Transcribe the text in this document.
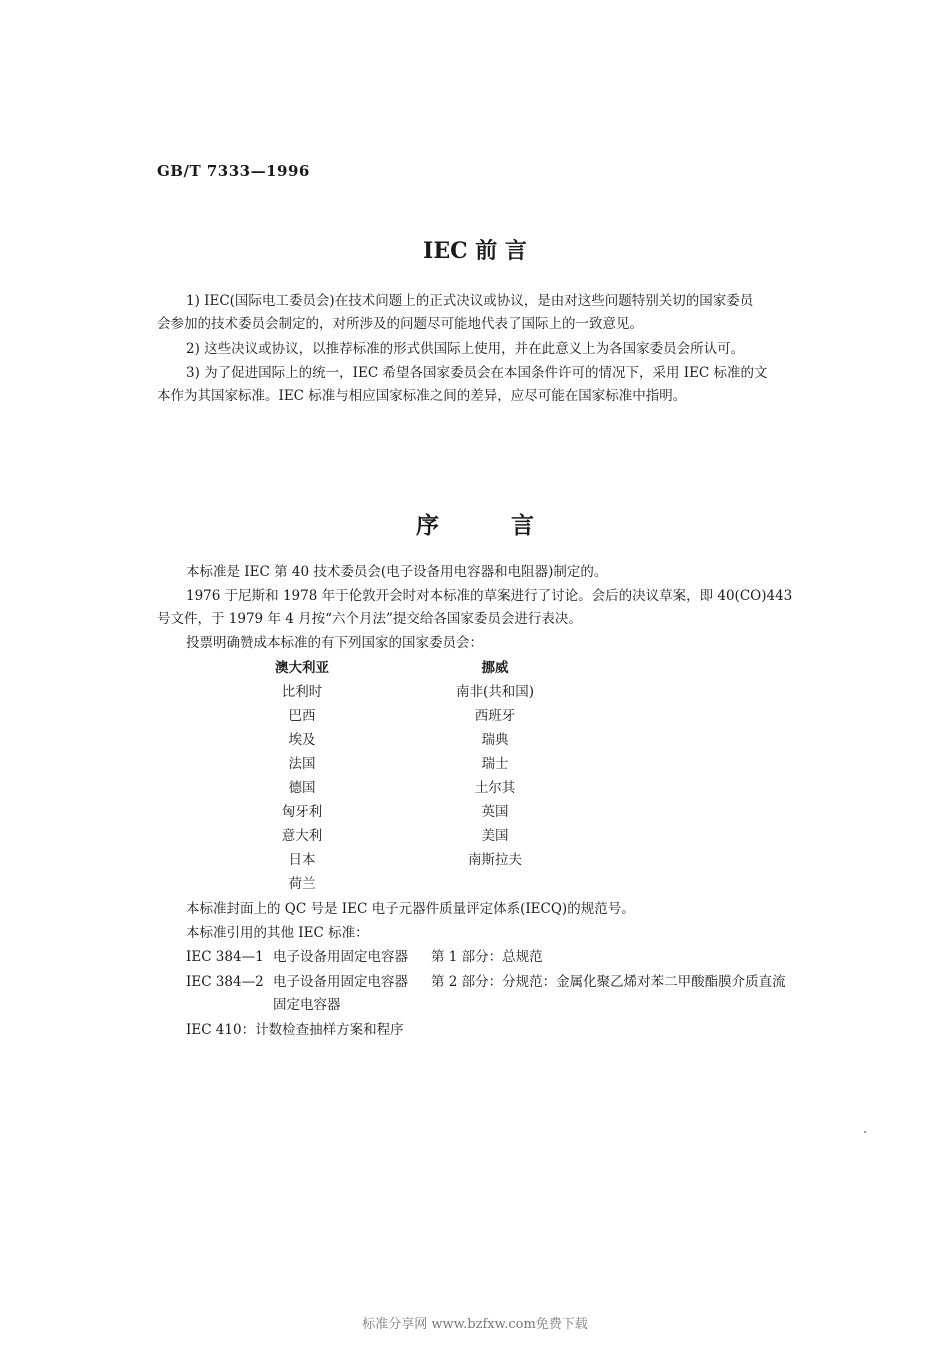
GB/T 7333—1996
IEC 前 言
1) IEC(国际电工委员会)在技术问题上的正式决议或协议，是由对这些问题特别关切的国家委员
会参加的技术委员会制定的，对所涉及的问题尽可能地代表了国际上的一致意见。
2) 这些决议或协议，以推荐标准的形式供国际上使用，并在此意义上为各国家委员会所认可。
3) 为了促进国际上的统一，IEC 希望各国家委员会在本国条件许可的情况下，采用 IEC 标准的文
本作为其国家标准。IEC 标准与相应国家标准之间的差异，应尽可能在国家标准中指明。
序	言
本标准是 IEC 第 40 技术委员会(电子设备用电容器和电阻器)制定的。
1976 于尼斯和 1978 年于伦敦开会时对本标准的草案进行了讨论。会后的决议草案，即 40(CO)443
号文件，于 1979 年 4 月按“六个月法”提交给各国家委员会进行表决。
投票明确赞成本标准的有下列国家的国家委员会：
澳大利亚
比利时
巴西
埃及
法国
德国
匈牙利
意大利
日本
荷兰
挪威
南非(共和国)
西班牙
瑞典
瑞士
土尔其
英国
美国
南斯拉夫
本标准封面上的 QC 号是 IEC 电子元器件质量评定体系(IECQ)的规范号。
本标准引用的其他 IEC 标准：
IEC 384—1 电子设备用固定电容器 第 1 部分：总规范
IEC 384—2 电子设备用固定电容器 第 2 部分：分规范：金属化聚乙烯对苯二甲酸酯膜介质直流
固定电容器
IEC 410：计数检查抽样方案和程序
标准分享网 www.bzfxw.com免费下载
